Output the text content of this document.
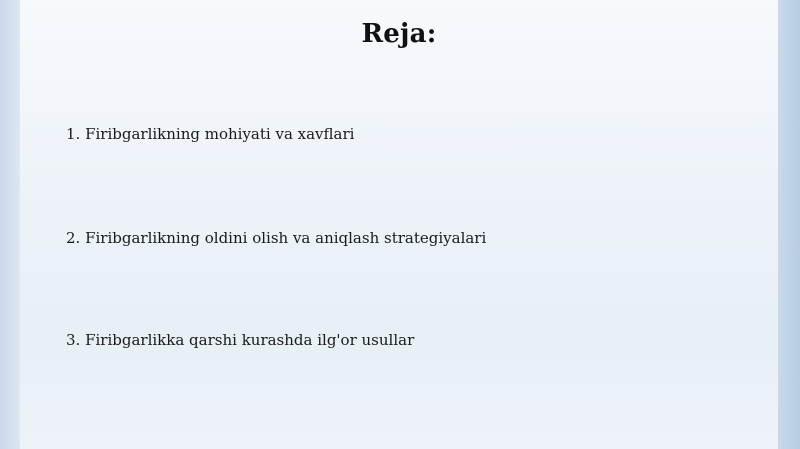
Reja:
1. Firibgarlikning mohiyati va xavflari
2. Firibgarlikning oldini olish va aniqlash strategiyalari
3. Firibgarlikka qarshi kurashda ilg'or usullar
